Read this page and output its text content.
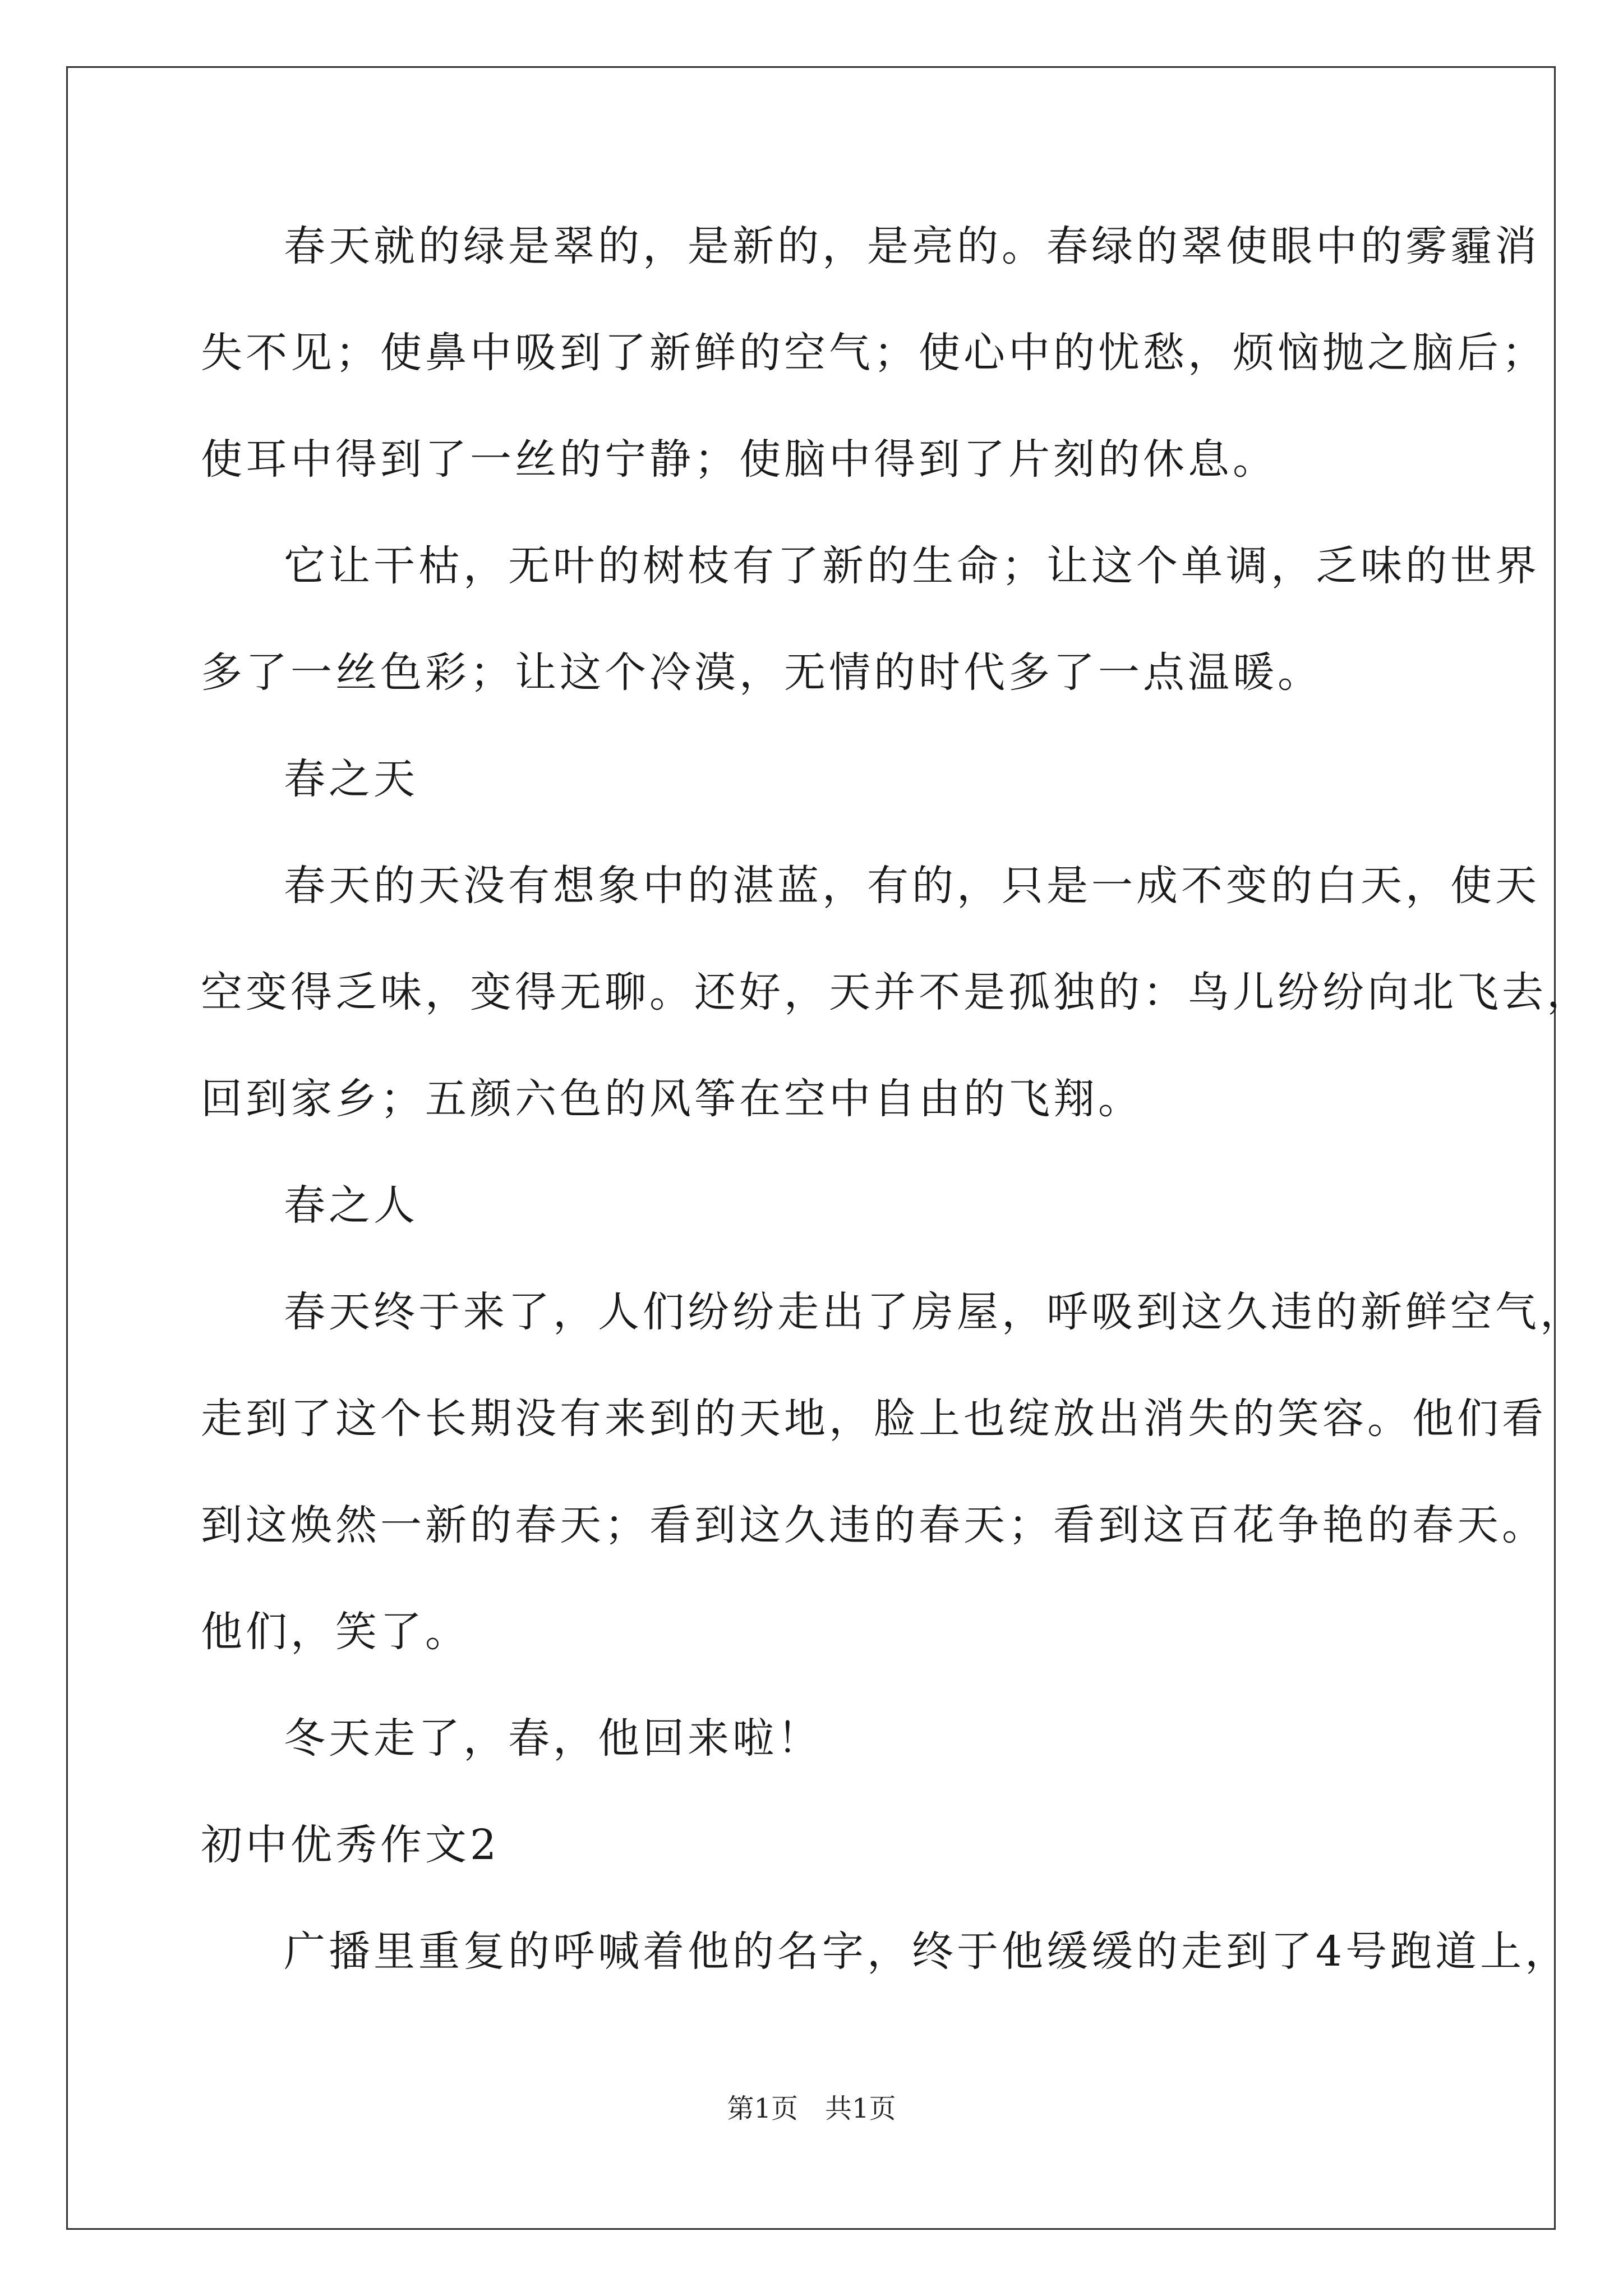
春天就的绿是翠的，是新的，是亮的。春绿的翠使眼中的雾霾消
失不见；使鼻中吸到了新鲜的空气；使心中的忧愁，烦恼抛之脑后；
使耳中得到了一丝的宁静；使脑中得到了片刻的休息。
它让干枯，无叶的树枝有了新的生命；让这个单调，乏味的世界
多了一丝色彩；让这个冷漠，无情的时代多了一点温暖。
春之天
春天的天没有想象中的湛蓝，有的，只是一成不变的白天，使天
空变得乏味，变得无聊。还好，天并不是孤独的：鸟儿纷纷向北飞去，
回到家乡；五颜六色的风筝在空中自由的飞翔。
春之人
春天终于来了，人们纷纷走出了房屋，呼吸到这久违的新鲜空气，
走到了这个长期没有来到的天地，脸上也绽放出消失的笑容。他们看
到这焕然一新的春天；看到这久违的春天；看到这百花争艳的春天。
他们，笑了。
冬天走了，春，他回来啦！
初中优秀作文2
广播里重复的呼喊着他的名字，终于他缓缓的走到了4号跑道上，
第1页　共1页
